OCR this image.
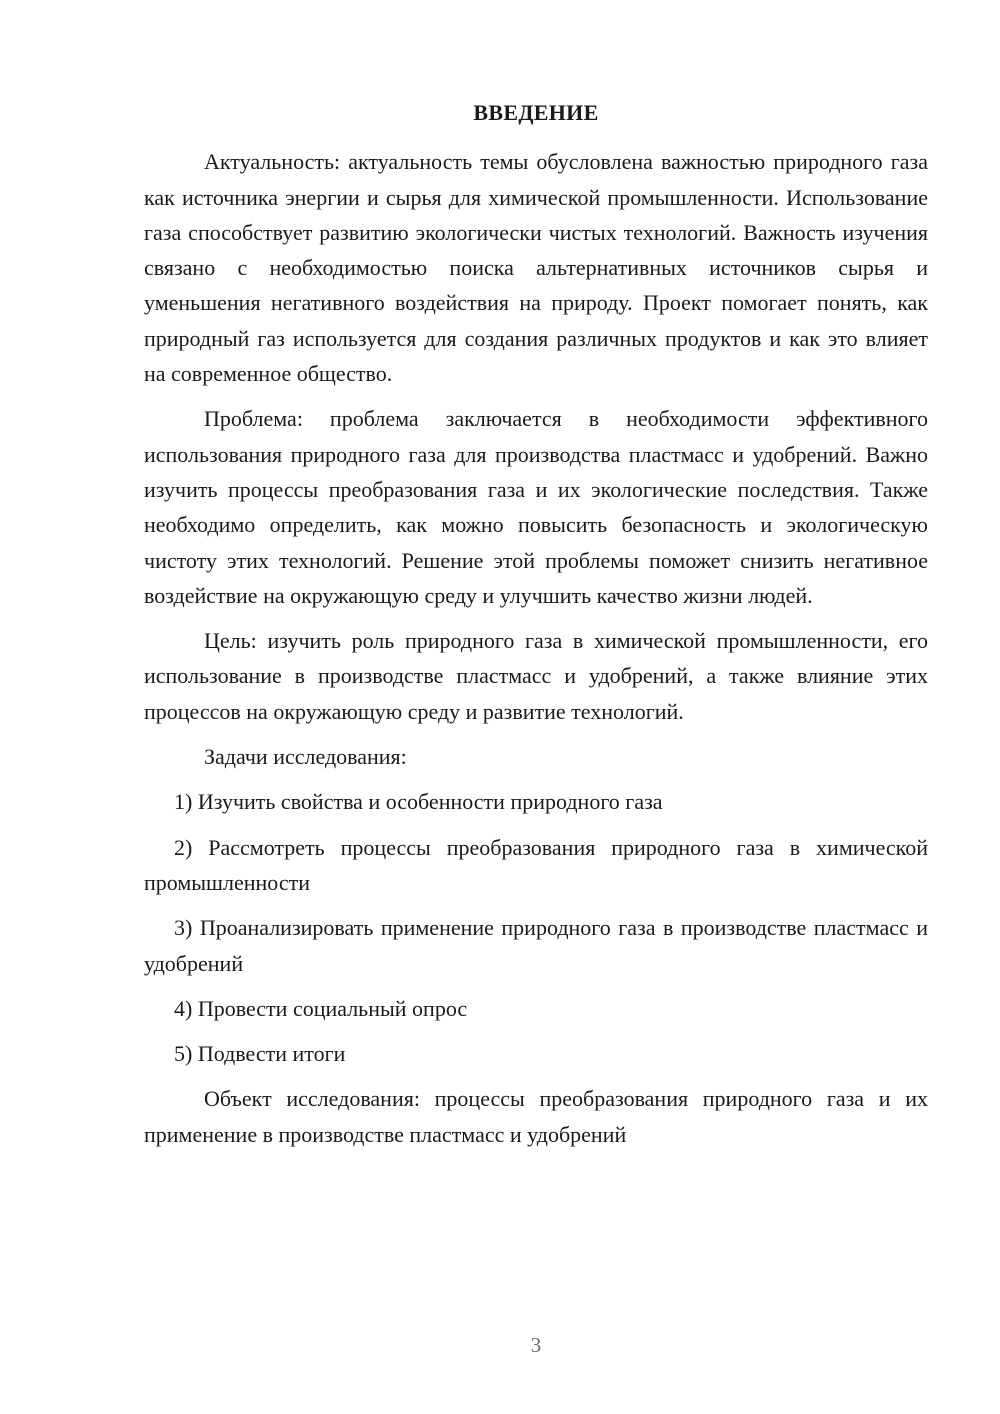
ВВЕДЕНИЕ

Актуальность: актуальность темы обусловлена важностью природного газа как источника энергии и сырья для химической промышленности. Использование газа способствует развитию экологически чистых технологий. Важность изучения связано с необходимостью поиска альтернативных источников сырья и уменьшения негативного воздействия на природу. Проект помогает понять, как природный газ используется для создания различных продуктов и как это влияет на современное общество.

Проблема: проблема заключается в необходимости эффективного использования природного газа для производства пластмасс и удобрений. Важно изучить процессы преобразования газа и их экологические последствия. Также необходимо определить, как можно повысить безопасность и экологическую чистоту этих технологий. Решение этой проблемы поможет снизить негативное воздействие на окружающую среду и улучшить качество жизни людей.

Цель: изучить роль природного газа в химической промышленности, его использование в производстве пластмасс и удобрений, а также влияние этих процессов на окружающую среду и развитие технологий.

Задачи исследования:

1) Изучить свойства и особенности природного газа

2) Рассмотреть процессы преобразования природного газа в химической промышленности

3) Проанализировать применение природного газа в производстве пластмасс и удобрений

4) Провести социальный опрос

5) Подвести итоги

Объект исследования: процессы преобразования природного газа и их применение в производстве пластмасс и удобрений

3
